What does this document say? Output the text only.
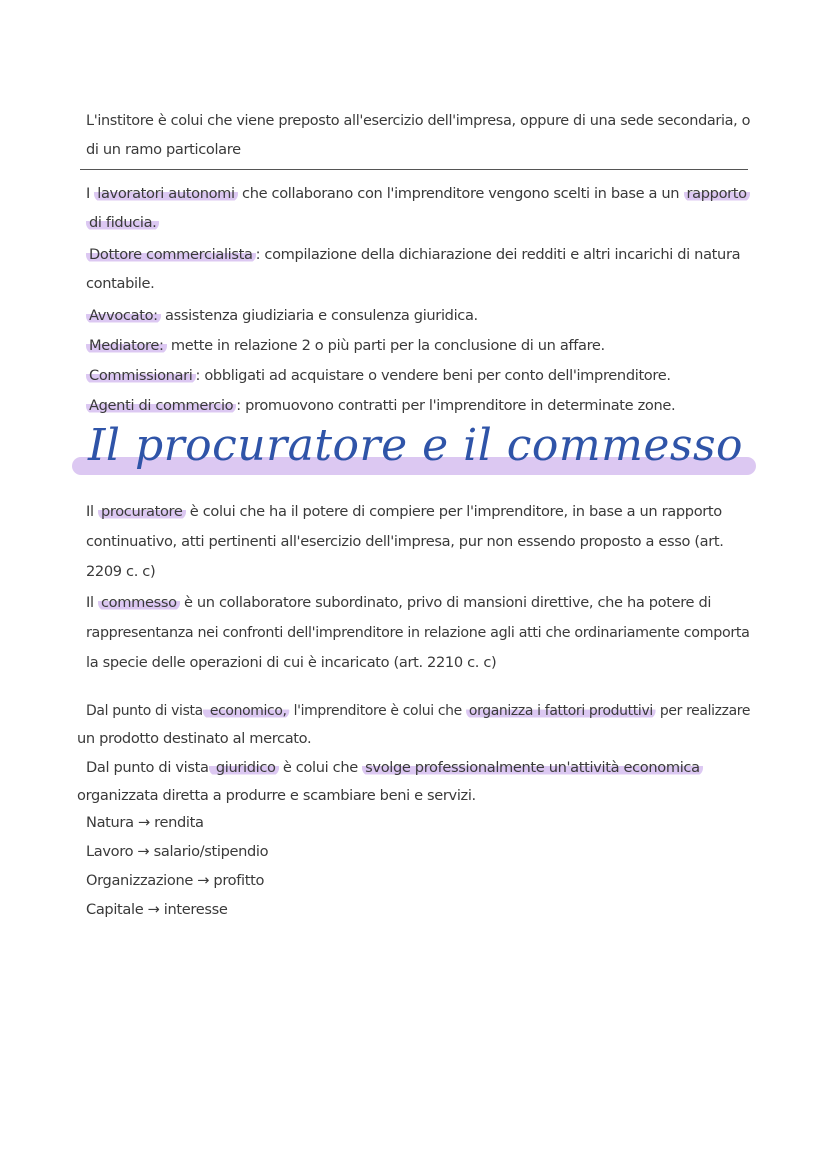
L'institore è colui che viene preposto all'esercizio dell'impresa, oppure di una sede secondaria, o
di un ramo particolare
I lavoratori autonomi che collaborano con l'imprenditore vengono scelti in base a un rapporto
di fiducia.
Dottore commercialista : compilazione della dichiarazione dei redditi e altri incarichi di natura
contabile.
Avvocato: assistenza giudiziaria e consulenza giuridica.
Mediatore: mette in relazione 2 o più parti per la conclusione di un affare.
Commissionari : obbligati ad acquistare o vendere beni per conto dell'imprenditore.
Agenti di commercio : promuovono contratti per l'imprenditore in determinate zone.
Il procuratore e il commesso
Il procuratore è colui che ha il potere di compiere per l'imprenditore, in base a un rapporto
continuativo, atti pertinenti all'esercizio dell'impresa, pur non essendo proposto a esso (art.
2209 c. c)
Il commesso è un collaboratore subordinato, privo di mansioni direttive, che ha potere di
rappresentanza nei confronti dell'imprenditore in relazione agli atti che ordinariamente comporta
la specie delle operazioni di cui è incaricato (art. 2210 c. c)
Dal punto di vista economico, l'imprenditore è colui che organizza i fattori produttivi per realizzare
un prodotto destinato al mercato.
Dal punto di vista giuridico è colui che svolge professionalmente un'attività economica
organizzata diretta a produrre e scambiare beni e servizi.
Natura → rendita
Lavoro → salario/stipendio
Organizzazione → profitto
Capitale → interesse
